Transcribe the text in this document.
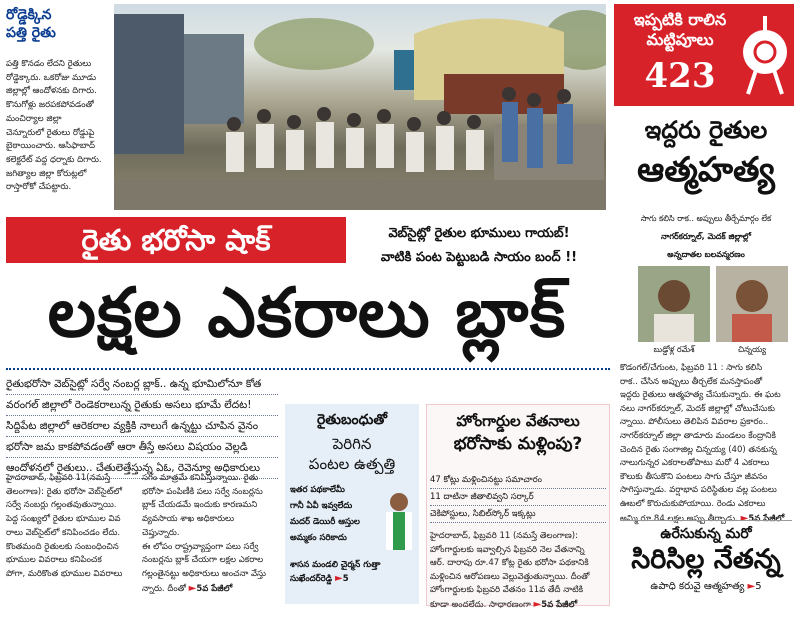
రోడ్డెక్కిన
పత్తి రైతు

పత్తి కొనడం లేదని రైతులు

రోడ్డెక్కారు. ఒకరోజు మూడు

జిల్లాల్లో ఆందోళనకు దిగారు.

కొనుగోళ్లు జరపకపోవడంతో

మంచిర్యాల జిల్లా

చెన్నూరులో రైతులు రోడ్డుపై

బైఠాయించారు. ఆసిఫాబాద్

కలెక్టరేట్ వద్ద ధర్నాకు దిగారు.

జగిత్యాల జిల్లా కోరుట్లలో

రాస్తారోకో చేపట్టారు.

ఇప్పటికి రాలిన
మట్టిపూలు
423
ఇద్దరు రైతుల
ఆత్మహత్య
సాగు కలిసి రాక.. అప్పులు తీర్చేమార్గం లేక
నాగర్‌కర్నూల్, మెదక్ జిల్లాల్లో
అన్నదాతల బలవన్మరణం
బుడ్డోళ్ల రమేశ్	చిన్నయ్య

కొడంగల్/చేగుంట, ఫిబ్రవరి 11 : సాగు కలిసి

రాక.. చేసిన అప్పులు తీర్చలేక మనస్తాపంతో

ఇద్దరు రైతులు ఆత్మహత్య చేసుకున్నారు. ఈ ఘట

నలు నాగర్‌కర్నూల్, మెదక్ జిల్లాల్లో చోటుచేసుకు

న్నాయి. పోలీసులు తెలిపిన వివరాల ప్రకారం..

నాగర్‌కర్నూల్ జిల్లా తాడూరు మండలం కేంద్రానికి

చెందిన రైతు సంగాజిల్ల చిన్నయ్య (40) తనకున్న

నాలుగున్నర ఎకరాలతోపాటు మరో 4 ఎకరాలు

కౌలుకు తీసుకొని పంటలు సాగు చేస్తూ జీవనం

సాగిస్తున్నాడు. వర్షాభావ పరిస్థితుల వల్ల పంటలు

ఊబలో కొరుచుకుపోయాయి. రెండు ఎకరాలు

అమ్మి రూ.84 లక్షల అప్పు తీర్చాడు. ►5వ పేజీలో

ఉరేసుకున్న మరో
సిరిసిల్ల నేతన్న
ఉపాధి కరువై ఆత్మహత్య ►5
రైతు భరోసా షాక్	వెబ్‌సైట్లో రైతుల భూములు గాయబ్!
వాటికి పంట పెట్టుబడి సాయం బంద్ !!
లక్షల ఎకరాలు బ్లాక్
రైతుభరోసా వెబ్‌సైట్లో సర్వే నంబర్ల బ్లాక్.. ఉన్న భూమిలోనూ కోత
వరంగల్ జిల్లాలో రెండెకరాలున్న రైతుకు అసలు భూమే లేదట!
సిద్దిపేట జిల్లాలో ఆరెకరాల వ్యక్తికి నాలుగే ఉన్నట్టు చూపిన వైనం
భరోసా జమ కాకపోవడంతో ఆరా తీస్తే అసలు విషయం వెల్లడి
ఆందోళనలో రైతులు.. చేతులెత్తేస్తున్న ఏఓ, రెవెన్యూ అధికారులు

హైదరాబాద్, ఫిబ్రవరి 11(నమస్తే

తెలంగాణ): రైతు భరోసా వెబ్‌సైట్‌లో

సర్వే నంబర్లు గల్లంతవుతున్నాయి.

పెద్ద సంఖ్యలో రైతుల భూముల వివ

రాలు వెబ్‌సైట్‌లో కనిపించడం లేదు.

కొంతమంది రైతులకు సంబంధించిన

భూముల వివరాలు కనిపించక

పోగా, మరికొంత భూముల వివరాలు

సగం మాత్రమే కనిపిస్తున్నాయి. రైతు

భరోసా పంపిణీకి పలు సర్వే నంబర్లను

బ్లాక్ చేయడమే ఇందుకు కారణమని

వ్యవసాయ శాఖ అధికారులు చెప్తున్నారు.

ఈ లోపం రాష్ట్రవ్యాప్తంగా పలు సర్వే

నంబర్లను బ్లాక్ చేయగా లక్షల ఎకరాల

గల్లంతైనట్టు అధికారులు అంచనా వేస్తు

న్నారు. దీంతో ►5వ పేజీలో

రైతుబంధుతో
పెరిగిన
పంటల ఉత్పత్తి

ఇతర పథకాలేమీ

గానీ ఏవీ ఇవ్వలేదు

మదర్ డెయిరీ ఆస్తుల

అమ్మకం సరికాదు

శాసన మండలి చైర్మన్ గుత్తా సుఖేందర్‌రెడ్డి ►5
హోంగార్డుల వేతనాలు
భరోసాకు మళ్లింపు?
47 కోట్లు మళ్లించినట్టు సమాచారం
11 దాటినా జీతాలివ్వని సర్కార్
చెకిపోస్టులు, సిబిల్‌స్కోర్ ఇక్కట్లు

హైదరాబాద్, ఫిబ్రవరి 11 (నమస్తే తెలంగాణ):

హోంగార్డులకు ఇవ్వాల్సిన ఫిబ్రవరి నెల వేతనాన్ని

ఆర్. దారాపు రూ.47 కోట్ల రైతు భరోసా పథకానికి

మళ్లించిన ఆరోపణలు వెల్లువెత్తుతున్నాయి. దీంతో

హోంగార్డులకు ఫిబ్రవరి వేతనం 11వ తేదీ నాటికి

కూడా అందలేదు. సాధారణంగా ►5వ పేజీలో
